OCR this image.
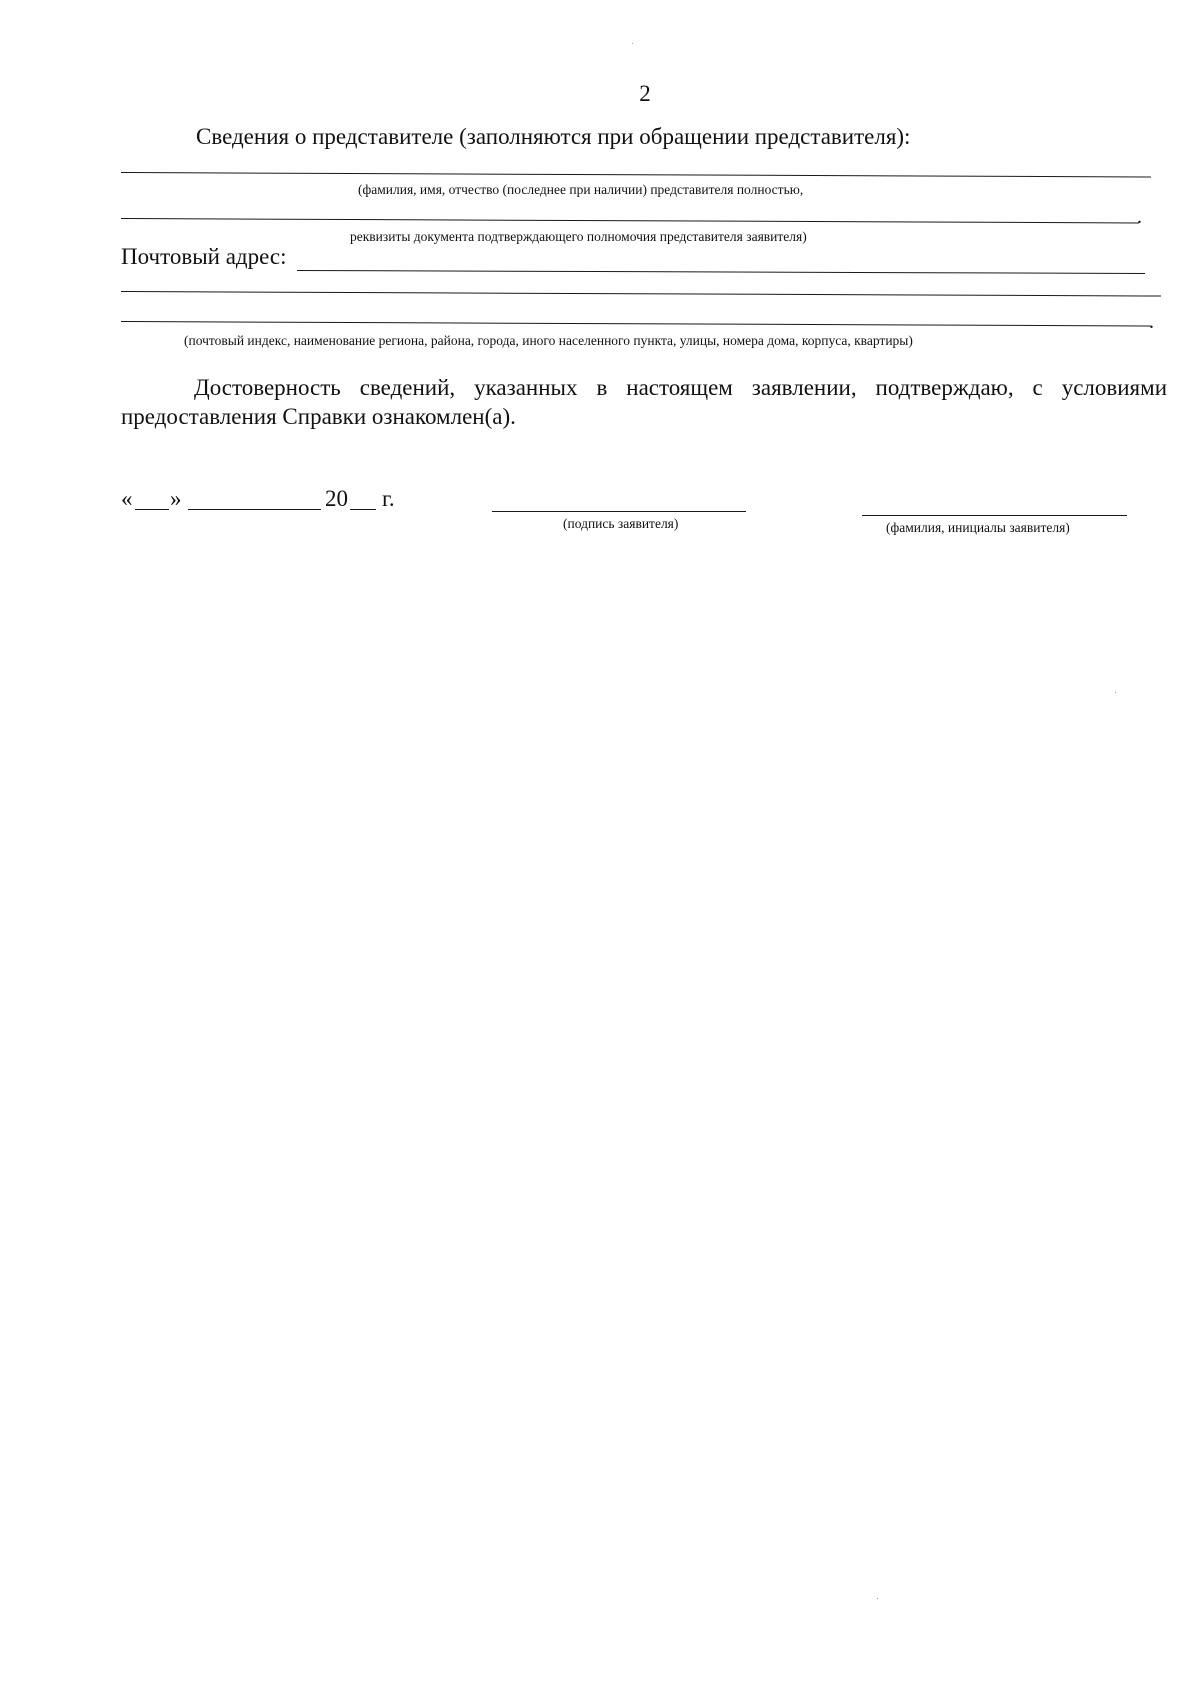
2
Сведения о представителе (заполняются при обращении представителя):
(фамилия, имя, отчество (последнее при наличии) представителя полностью,
.
реквизиты документа подтверждающего полномочия представителя заявителя)
Почтовый адрес:
.
(почтовый индекс, наименование региона, района, города, иного населенного пункта, улицы, номера дома, корпуса, квартиры)
Достоверность сведений, указанных в настоящем заявлении, подтверждаю, с условиями предоставления Справки ознакомлен(а).
« »	20 г.
(подпись заявителя)	(фамилия, инициалы заявителя)
